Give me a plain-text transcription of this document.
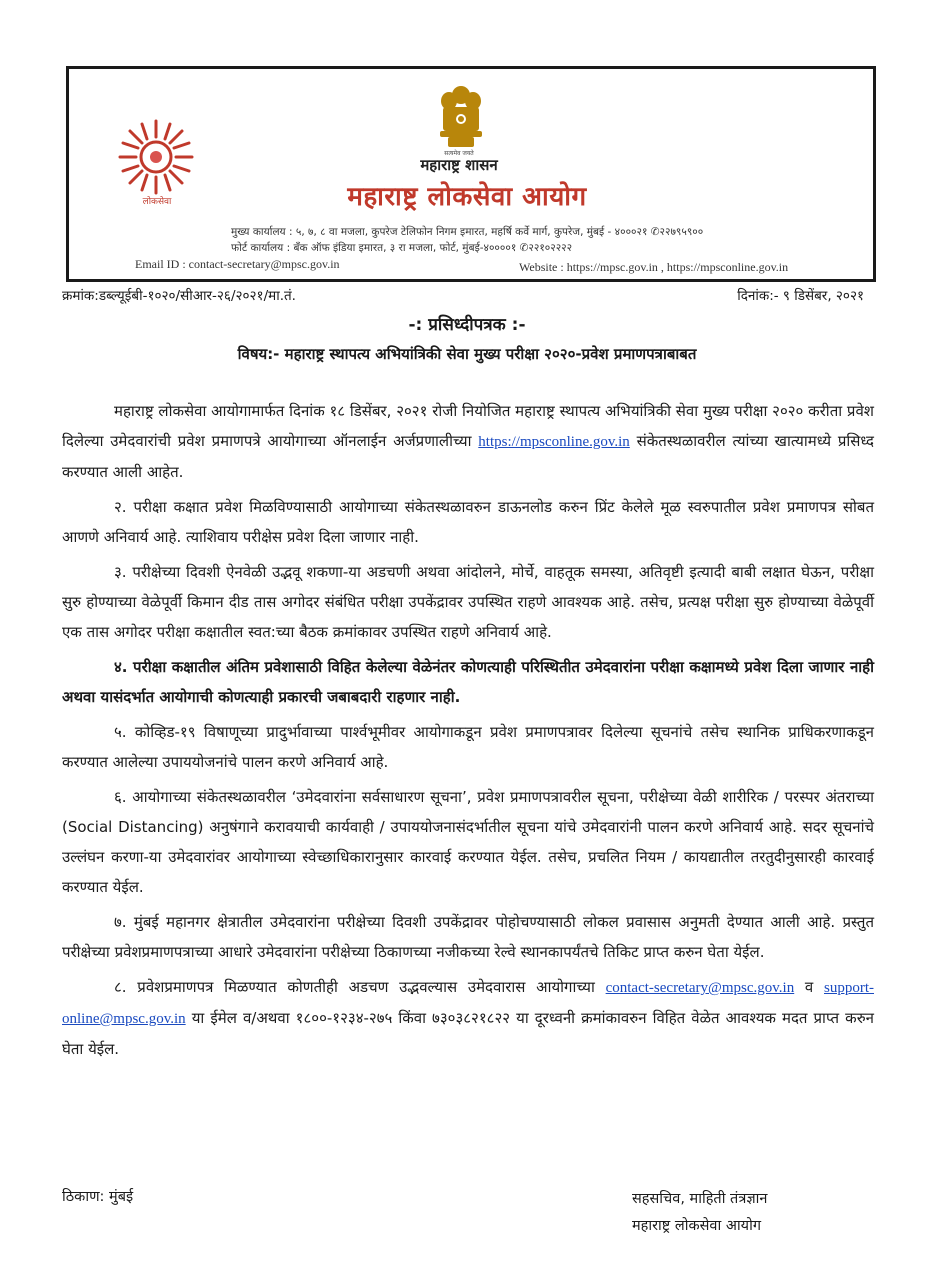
लोकसेवा
सत्यमेव जयते
महाराष्ट्र शासन
महाराष्ट्र लोकसेवा आयोग
मुख्य कार्यालय : ५, ७, ८ वा मजला, कुपरेज टेलिफोन निगम इमारत, महर्षि कर्वे मार्ग, कुपरेज, मुंबई - ४०००२१ ✆२२७९५९००
फोर्ट कार्यालय : बँक ऑफ इंडिया इमारत, ३ रा मजला, फोर्ट, मुंबई-४००००१ ✆२२१०२२२२
Email ID : contact-secretary@mpsc.gov.in	Website : https://mpsc.gov.in , https://mpsconline.gov.in
क्रमांक:डब्ल्यूईबी-१०२०/सीआर-२६/२०२१/मा.तं.	दिनांक:- ९ डिसेंबर, २०२१
-: प्रसिध्दीपत्रक :-
विषय:- महाराष्ट्र स्थापत्य अभियांत्रिकी सेवा मुख्य परीक्षा २०२०-प्रवेश प्रमाणपत्राबाबत

महाराष्ट्र लोकसेवा आयोगामार्फत दिनांक १८ डिसेंबर, २०२१ रोजी नियोजित महाराष्ट्र स्थापत्य अभियांत्रिकी सेवा मुख्य परीक्षा २०२० करीता प्रवेश दिलेल्या उमेदवारांची प्रवेश प्रमाणपत्रे आयोगाच्या ऑनलाईन अर्जप्रणालीच्या https://mpsconline.gov.in संकेतस्थळावरील त्यांच्या खात्यामध्ये प्रसिध्द करण्यात आली आहेत.

२. परीक्षा कक्षात प्रवेश मिळविण्यासाठी आयोगाच्या संकेतस्थळावरुन डाऊनलोड करुन प्रिंट केलेले मूळ स्वरुपातील प्रवेश प्रमाणपत्र सोबत आणणे अनिवार्य आहे. त्याशिवाय परीक्षेस प्रवेश दिला जाणार नाही.

३. परीक्षेच्या दिवशी ऐनवेळी उद्भवू शकणा-या अडचणी अथवा आंदोलने, मोर्चे, वाहतूक समस्या, अतिवृष्टी इत्यादी बाबी लक्षात घेऊन, परीक्षा सुरु होण्याच्या वेळेपूर्वी किमान दीड तास अगोदर संबंधित परीक्षा उपकेंद्रावर उपस्थित राहणे आवश्यक आहे. तसेच, प्रत्यक्ष परीक्षा सुरु होण्याच्या वेळेपूर्वी एक तास अगोदर परीक्षा कक्षातील स्वत:च्या बैठक क्रमांकावर उपस्थित राहणे अनिवार्य आहे.

४. परीक्षा कक्षातील अंतिम प्रवेशासाठी विहित केलेल्या वेळेनंतर कोणत्याही परिस्थितीत उमेदवारांना परीक्षा कक्षामध्ये प्रवेश दिला जाणार नाही अथवा यासंदर्भात आयोगाची कोणत्याही प्रकारची जबाबदारी राहणार नाही.

५. कोव्हिड-१९ विषाणूच्या प्रादुर्भावाच्या पार्श्वभूमीवर आयोगाकडून प्रवेश प्रमाणपत्रावर दिलेल्या सूचनांचे तसेच स्थानिक प्राधिकरणाकडून करण्यात आलेल्या उपाययोजनांचे पालन करणे अनिवार्य आहे.

६. आयोगाच्या संकेतस्थळावरील ‘उमेदवारांना सर्वसाधारण सूचना’, प्रवेश प्रमाणपत्रावरील सूचना, परीक्षेच्या वेळी शारीरिक / परस्पर अंतराच्या (Social Distancing) अनुषंगाने करावयाची कार्यवाही / उपाययोजनासंदर्भातील सूचना यांचे उमेदवारांनी पालन करणे अनिवार्य आहे. सदर सूचनांचे उल्लंघन करणा-या उमेदवारांवर आयोगाच्या स्वेच्छाधिकारानुसार कारवाई करण्यात येईल. तसेच, प्रचलित नियम / कायद्यातील तरतुदीनुसारही कारवाई करण्यात येईल.

७. मुंबई महानगर क्षेत्रातील उमेदवारांना परीक्षेच्या दिवशी उपकेंद्रावर पोहोचण्यासाठी लोकल प्रवासास अनुमती देण्यात आली आहे. प्रस्तुत परीक्षेच्या प्रवेशप्रमाणपत्राच्या आधारे उमेदवारांना परीक्षेच्या ठिकाणच्या नजीकच्या रेल्वे स्थानकापर्यंतचे तिकिट प्राप्त करुन घेता येईल.

८. प्रवेशप्रमाणपत्र मिळण्यात कोणतीही अडचण उद्भवल्यास उमेदवारास आयोगाच्या contact-secretary@mpsc.gov.in व support-online@mpsc.gov.in या ईमेल व/अथवा १८००-१२३४-२७५ किंवा ७३०३८२१८२२ या दूरध्वनी क्रमांकावरुन विहित वेळेत आवश्यक मदत प्राप्त करुन घेता येईल.

ठिकाण: मुंबई	सहसचिव, माहिती तंत्रज्ञान
महाराष्ट्र लोकसेवा आयोग
